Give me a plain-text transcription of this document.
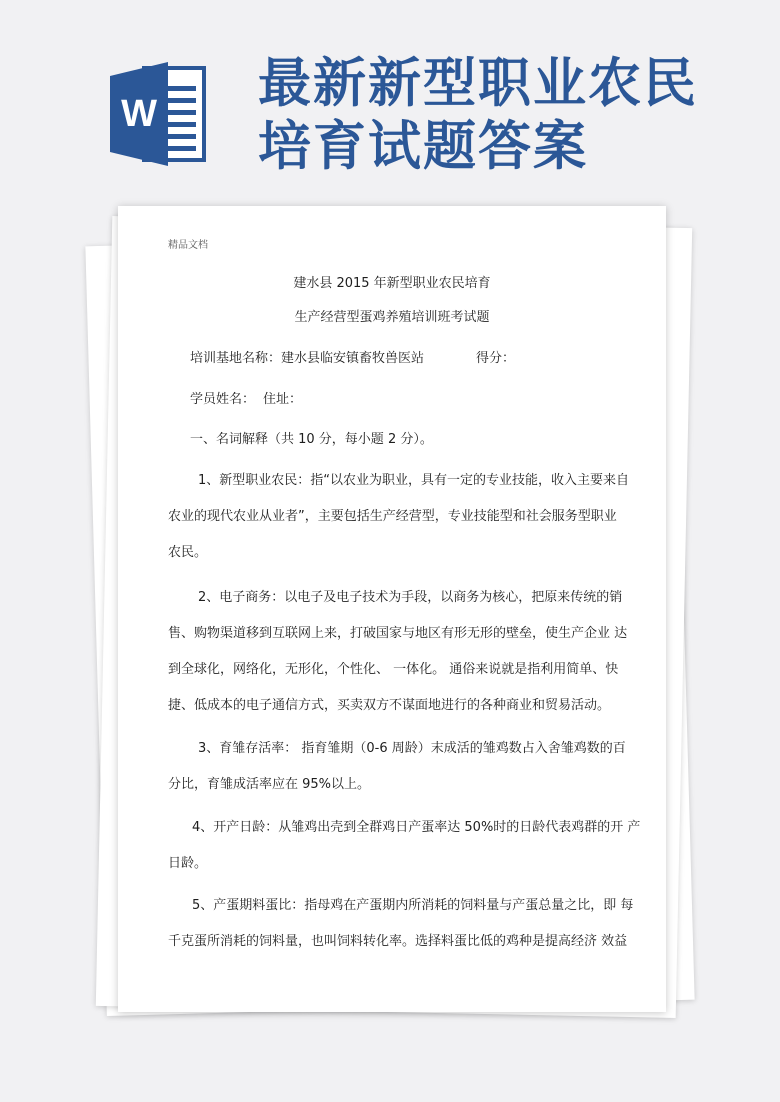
W 最新新型职业农民
培育试题答案
精品文档
建水县 2015 年新型职业农民培育
生产经营型蛋鸡养殖培训班考试题
培训基地名称：建水县临安镇畜牧兽医站	得分：
学员姓名： 住址：
一、名词解释（共 10 分，每小题 2 分）。
1、新型职业农民：指“以农业为职业，具有一定的专业技能，收入主要来自
农业的现代农业从业者”，主要包括生产经营型，专业技能型和社会服务型职业
农民。
2、电子商务：以电子及电子技术为手段，以商务为核心，把原来传统的销
售、购物渠道移到互联网上来，打破国家与地区有形无形的壁垒，使生产企业 达
到全球化，网络化，无形化，个性化、 一体化。 通俗来说就是指利用简单、快
捷、低成本的电子通信方式，买卖双方不谋面地进行的各种商业和贸易活动。
3、育雏存活率： 指育雏期（0-6 周龄）末成活的雏鸡数占入舍雏鸡数的百
分比，育雏成活率应在 95%以上。
4、开产日龄：从雏鸡出壳到全群鸡日产蛋率达 50%时的日龄代表鸡群的开 产
日龄。
5、产蛋期料蛋比：指母鸡在产蛋期内所消耗的饲料量与产蛋总量之比，即 每
千克蛋所消耗的饲料量，也叫饲料转化率。选择料蛋比低的鸡种是提高经济 效益
